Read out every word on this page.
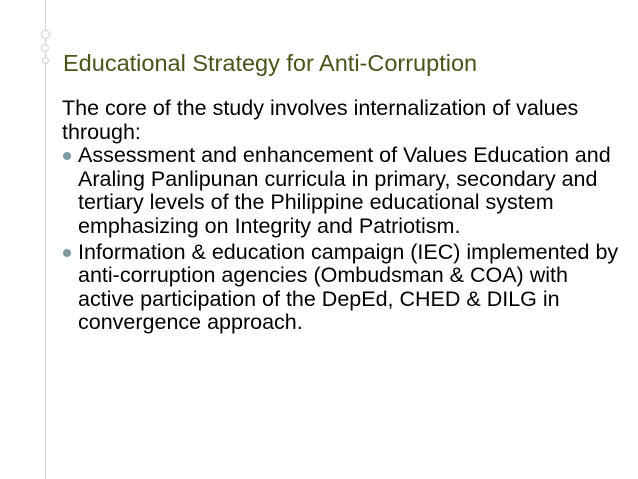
Educational Strategy for Anti-Corruption

The core of the study involves internalization of values through:

Assessment and enhancement of Values Education and Araling Panlipunan curricula in primary, secondary and tertiary levels of the Philippine educational system emphasizing on Integrity and Patriotism.
Information & education campaign (IEC) implemented by anti-corruption agencies (Ombudsman & COA) with active participation of the DepEd, CHED & DILG in convergence approach.
